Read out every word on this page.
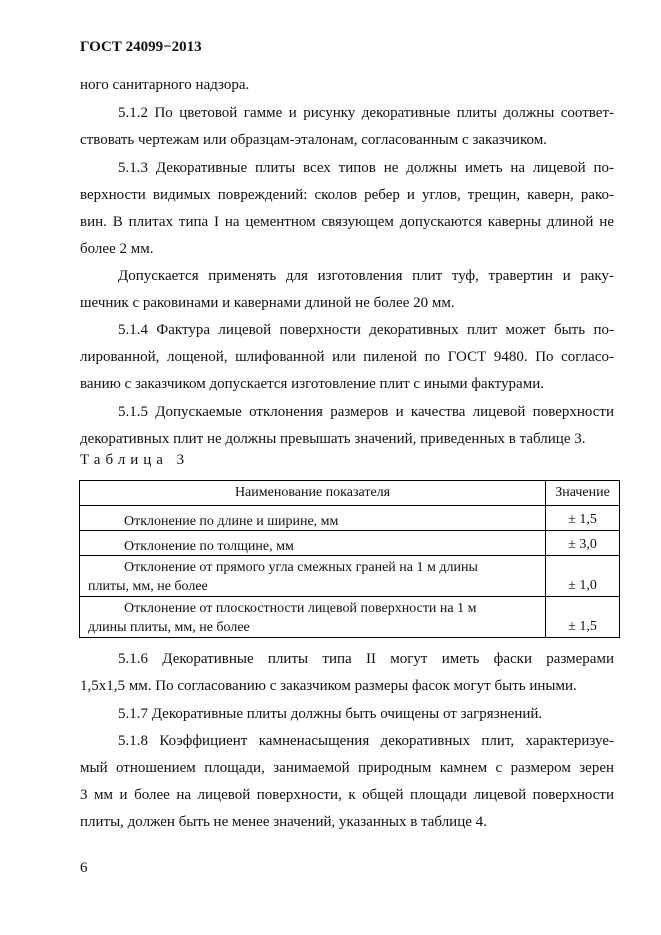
ГОСТ 24099−2013
ного санитарного надзора.
5.1.2 По цветовой гамме и рисунку декоративные плиты должны соответ-
ствовать чертежам или образцам-эталонам, согласованным с заказчиком.
5.1.3 Декоративные плиты всех типов не должны иметь на лицевой по-
верхности видимых повреждений: сколов ребер и углов, трещин, каверн, рако-
вин. В плитах типа I на цементном связующем допускаются каверны длиной не
более 2 мм.
Допускается применять для изготовления плит туф, травертин и раку-
шечник с раковинами и кавернами длиной не более 20 мм.
5.1.4 Фактура лицевой поверхности декоративных плит может быть по-
лированной, лощеной, шлифованной или пиленой по ГОСТ 9480. По согласо-
ванию с заказчиком допускается изготовление плит с иными фактурами.
5.1.5 Допускаемые отклонения размеров и качества лицевой поверхности
декоративных плит не должны превышать значений, приведенных в таблице 3.
Таблица 3
Наименование показателя	Значение
Отклонение по длине и ширине, мм	± 1,5
Отклонение по толщине, мм	± 3,0

Отклонение от прямого угла смежных граней на 1 м длины
плиты, мм, не более	± 1,0

Отклонение от плоскостности лицевой поверхности на 1 м
длины плиты, мм, не более	± 1,5
5.1.6 Декоративные плиты типа II могут иметь фаски размерами
1,5х1,5 мм. По согласованию с заказчиком размеры фасок могут быть иными.
5.1.7 Декоративные плиты должны быть очищены от загрязнений.
5.1.8 Коэффициент камненасыщения декоративных плит, характеризуе-
мый отношением площади, занимаемой природным камнем с размером зерен
3 мм и более на лицевой поверхности, к общей площади лицевой поверхности
плиты, должен быть не менее значений, указанных в таблице 4.
6
